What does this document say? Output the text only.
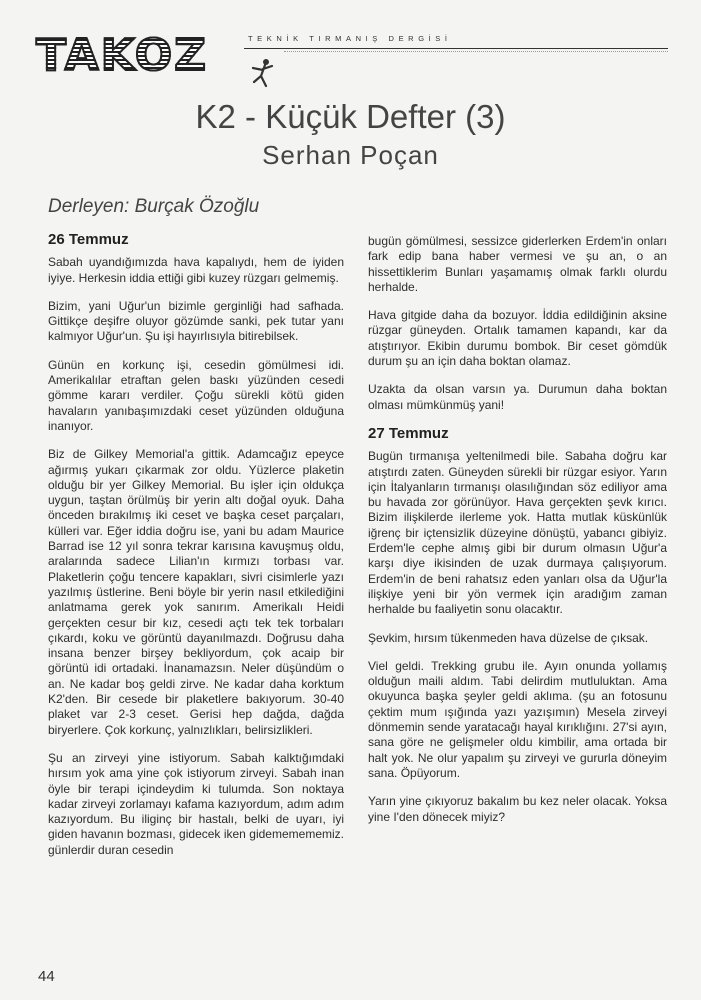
TAKOZ	TEKNİK TIRMANIŞ DERGİSİ
K2 - Küçük Defter (3)
Serhan Poçan
Derleyen: Burçak Özoğlu
26 Temmuz

Sabah uyandığımızda hava kapalıydı, hem de iyiden iyiye. Herkesin iddia ettiği gibi kuzey rüzgarı gelmemiş.

Bizim, yani Uğur'un bizimle gerginliği had safhada. Gittikçe deşifre oluyor gözümde sanki, pek tutar yanı kalmıyor Uğur'un. Şu işi hayırlısıyla bitirebilsek.

Günün en korkunç işi, cesedin gömülmesi idi. Amerikalılar etraftan gelen baskı yüzünden cesedi gömme kararı verdiler. Çoğu sürekli kötü giden havaların yanıbaşımızdaki ceset yüzünden olduğuna inanıyor.

Biz de Gilkey Memorial'a gittik. Adamcağız epeyce ağırmış yukarı çıkarmak zor oldu. Yüzlerce plaketin olduğu bir yer Gilkey Memorial. Bu işler için oldukça uygun, taştan örülmüş bir yerin altı doğal oyuk. Daha önceden bırakılmış iki ceset ve başka ceset parçaları, külleri var. Eğer iddia doğru ise, yani bu adam Maurice Barrad ise 12 yıl sonra tekrar karısına kavuşmuş oldu, aralarında sadece Lilian'ın kırmızı torbası var. Plaketlerin çoğu tencere kapakları, sivri cisimlerle yazı yazılmış üstlerine. Beni böyle bir yerin nasıl etkilediğini anlatmama gerek yok sanırım. Amerikalı Heidi gerçekten cesur bir kız, cesedi açtı tek tek torbaları çıkardı, koku ve görüntü dayanılmazdı. Doğrusu daha insana benzer birşey bekliyordum, çok acaip bir görüntü idi ortadaki. İnanamazsın. Neler düşündüm o an. Ne kadar boş geldi zirve. Ne kadar daha korktum K2'den. Bir cesede bir plaketlere bakıyorum. 30-40 plaket var 2-3 ceset. Gerisi hep dağda, dağda biryerlere. Çok korkunç, yalnızlıkları, belirsizlikleri.

Şu an zirveyi yine istiyorum. Sabah kalktığımdaki hırsım yok ama yine çok istiyorum zirveyi. Sabah inan öyle bir terapi içindeydim ki tulumda. Son noktaya kadar zirveyi zorlamayı kafama kazıyordum, adım adım kazıyordum. Bu iliginç bir hastalı, belki de uyarı, iyi giden havanın bozması, gidecek iken gidememememiz. günlerdir duran cesedin

bugün gömülmesi, sessizce giderlerken Erdem'in onları fark edip bana haber vermesi ve şu an, o an hissettiklerim Bunları yaşamamış olmak farklı olurdu herhalde.

Hava gitgide daha da bozuyor. İddia edildiğinin aksine rüzgar güneyden. Ortalık tamamen kapandı, kar da atıştırıyor. Ekibin durumu bombok. Bir ceset gömdük durum şu an için daha boktan olamaz.

Uzakta da olsan varsın ya. Durumun daha boktan olması mümkünmüş yani!

27 Temmuz

Bugün tırmanışa yeltenilmedi bile. Sabaha doğru kar atıştırdı zaten. Güneyden sürekli bir rüzgar esiyor. Yarın için İtalyanların tırmanışı olasılığından söz ediliyor ama bu havada zor görünüyor. Hava gerçekten şevk kırıcı. Bizim ilişkilerde ilerleme yok. Hatta mutlak küskünlük iğrenç bir içtensizlik düzeyine dönüştü, yabancı gibiyiz. Erdem'le cephe almış gibi bir durum olmasın Uğur'a karşı diye ikisinden de uzak durmaya çalışıyorum. Erdem'in de beni rahatsız eden yanları olsa da Uğur'la ilişkiye yeni bir yön vermek için aradığım zaman herhalde bu faaliyetin sonu olacaktır.

Şevkim, hırsım tükenmeden hava düzelse de çıksak.

Viel geldi. Trekking grubu ile. Ayın onunda yollamış olduğun maili aldım. Tabi delirdim mutluluktan. Ama okuyunca başka şeyler geldi aklıma. (şu an fotosunu çektim mum ışığında yazı yazışımın) Mesela zirveyi dönmemin sende yaratacağı hayal kırıklığını. 27'si ayın, sana göre ne gelişmeler oldu kimbilir, ama ortada bir halt yok. Ne olur yapalım şu zirveyi ve gururla döneyim sana. Öpüyorum.

Yarın yine çıkıyoruz bakalım bu kez neler olacak. Yoksa yine I'den dönecek miyiz?

44
